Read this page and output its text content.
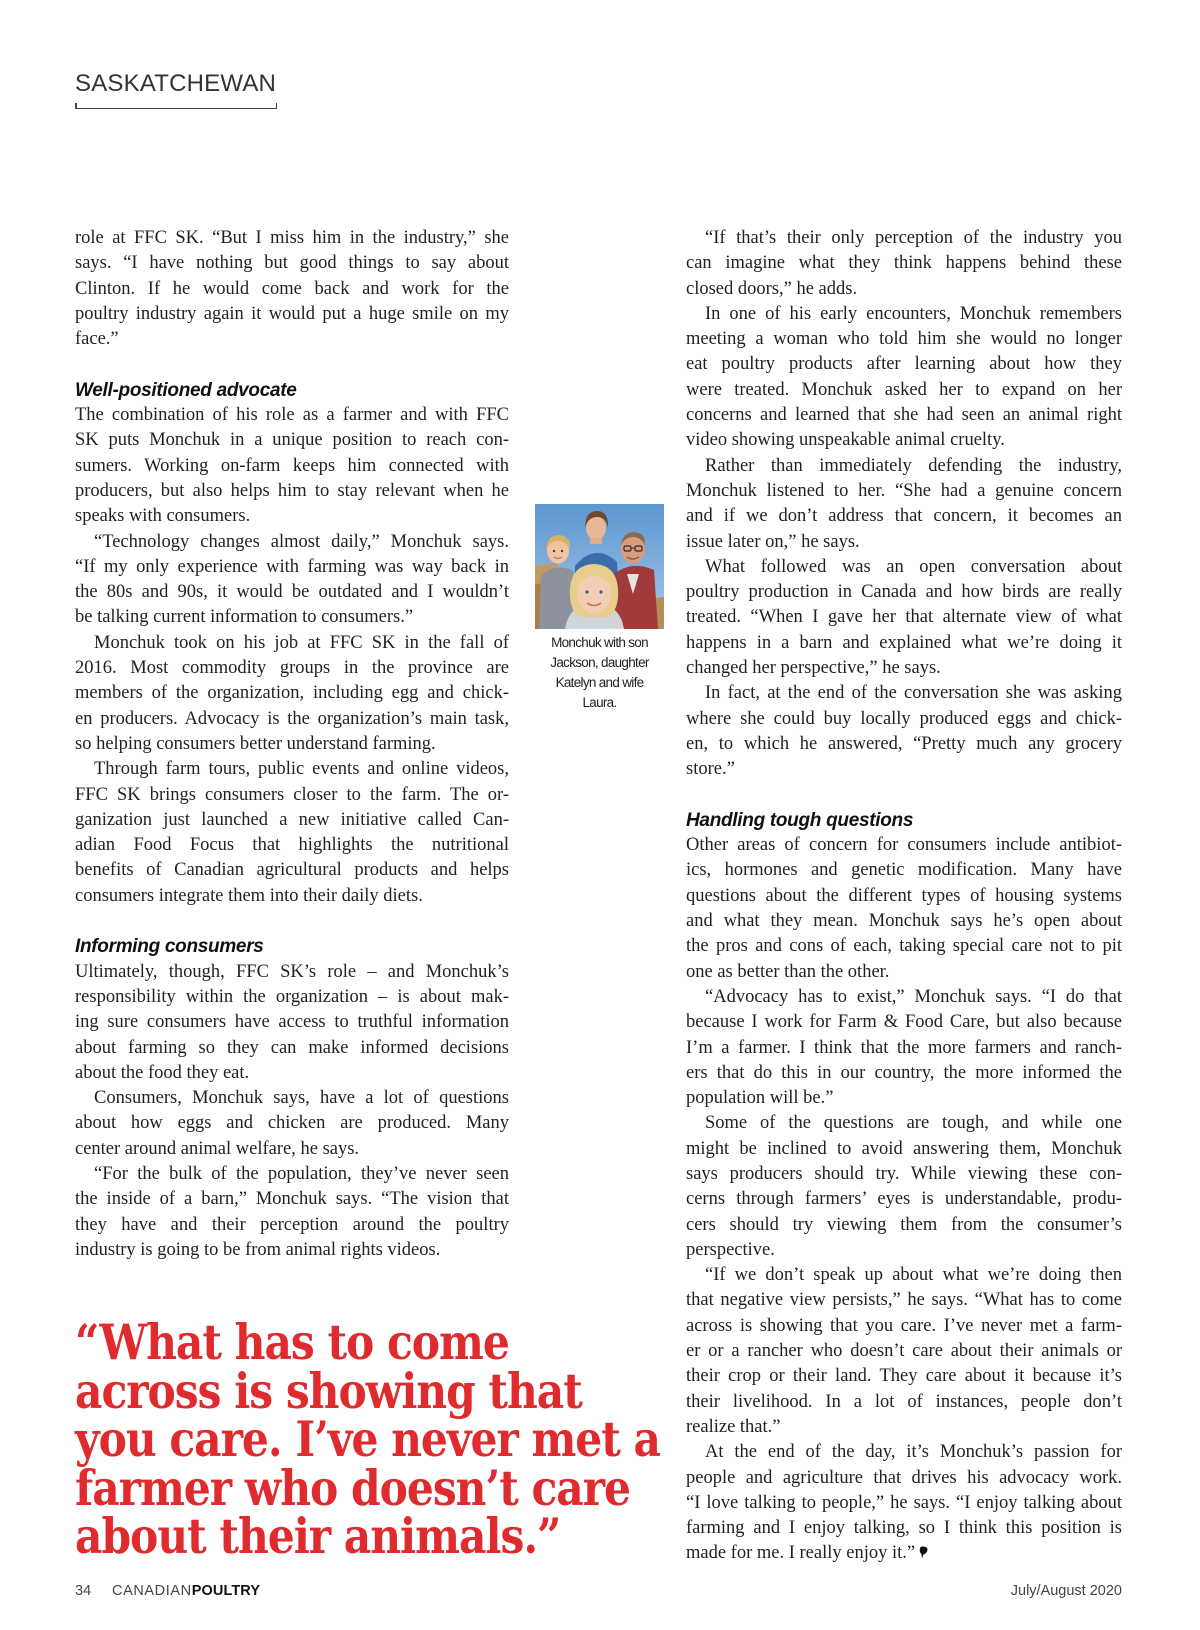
SASKATCHEWAN
role at FFC SK. “But I miss him in the industry,” she
says. “I have nothing but good things to say about
Clinton. If he would come back and work for the
poultry industry again it would put a huge smile on my
face.”
Well-positioned advocate
The combination of his role as a farmer and with FFC
SK puts Monchuk in a unique position to reach con-
sumers. Working on-farm keeps him connected with
producers, but also helps him to stay relevant when he
speaks with consumers.
“Technology changes almost daily,” Monchuk says.
“If my only experience with farming was way back in
the 80s and 90s, it would be outdated and I wouldn’t
be talking current information to consumers.”
Monchuk took on his job at FFC SK in the fall of
2016. Most commodity groups in the province are
members of the organization, including egg and chick-
en producers. Advocacy is the organization’s main task,
so helping consumers better understand farming.
Through farm tours, public events and online videos,
FFC SK brings consumers closer to the farm. The or-
ganization just launched a new initiative called Can-
adian Food Focus that highlights the nutritional
benefits of Canadian agricultural products and helps
consumers integrate them into their daily diets.
Informing consumers
Ultimately, though, FFC SK’s role – and Monchuk’s
responsibility within the organization – is about mak-
ing sure consumers have access to truthful information
about farming so they can make informed decisions
about the food they eat.
Consumers, Monchuk says, have a lot of questions
about how eggs and chicken are produced. Many
center around animal welfare, he says.
“For the bulk of the population, they’ve never seen
the inside of a barn,” Monchuk says. “The vision that
they have and their perception around the poultry
industry is going to be from animal rights videos.
“If that’s their only perception of the industry you
can imagine what they think happens behind these
closed doors,” he adds.
In one of his early encounters, Monchuk remembers
meeting a woman who told him she would no longer
eat poultry products after learning about how they
were treated. Monchuk asked her to expand on her
concerns and learned that she had seen an animal right
video showing unspeakable animal cruelty.
Rather than immediately defending the industry,
Monchuk listened to her. “She had a genuine concern
and if we don’t address that concern, it becomes an
issue later on,” he says.
What followed was an open conversation about
poultry production in Canada and how birds are really
treated. “When I gave her that alternate view of what
happens in a barn and explained what we’re doing it
changed her perspective,” he says.
In fact, at the end of the conversation she was asking
where she could buy locally produced eggs and chick-
en, to which he answered, “Pretty much any grocery
store.”
Handling tough questions
Other areas of concern for consumers include antibiot-
ics, hormones and genetic modification. Many have
questions about the different types of housing systems
and what they mean. Monchuk says he’s open about
the pros and cons of each, taking special care not to pit
one as better than the other.
“Advocacy has to exist,” Monchuk says. “I do that
because I work for Farm & Food Care, but also because
I’m a farmer. I think that the more farmers and ranch-
ers that do this in our country, the more informed the
population will be.”
Some of the questions are tough, and while one
might be inclined to avoid answering them, Monchuk
says producers should try. While viewing these con-
cerns through farmers’ eyes is understandable, produ-
cers should try viewing them from the consumer’s
perspective.
“If we don’t speak up about what we’re doing then
that negative view persists,” he says. “What has to come
across is showing that you care. I’ve never met a farm-
er or a rancher who doesn’t care about their animals or
their crop or their land. They care about it because it’s
their livelihood. In a lot of instances, people don’t
realize that.”
At the end of the day, it’s Monchuk’s passion for
people and agriculture that drives his advocacy work.
“I love talking to people,” he says. “I enjoy talking about
farming and I enjoy talking, so I think this position is
made for me. I really enjoy it.”
Monchuk with son
Jackson, daughter
Katelyn and wife
Laura.
“What has to come
across is showing that
you care. I’ve never met a
farmer who doesn’t care
about their animals.”
34 CANADIANPOULTRY	July/August 2020
